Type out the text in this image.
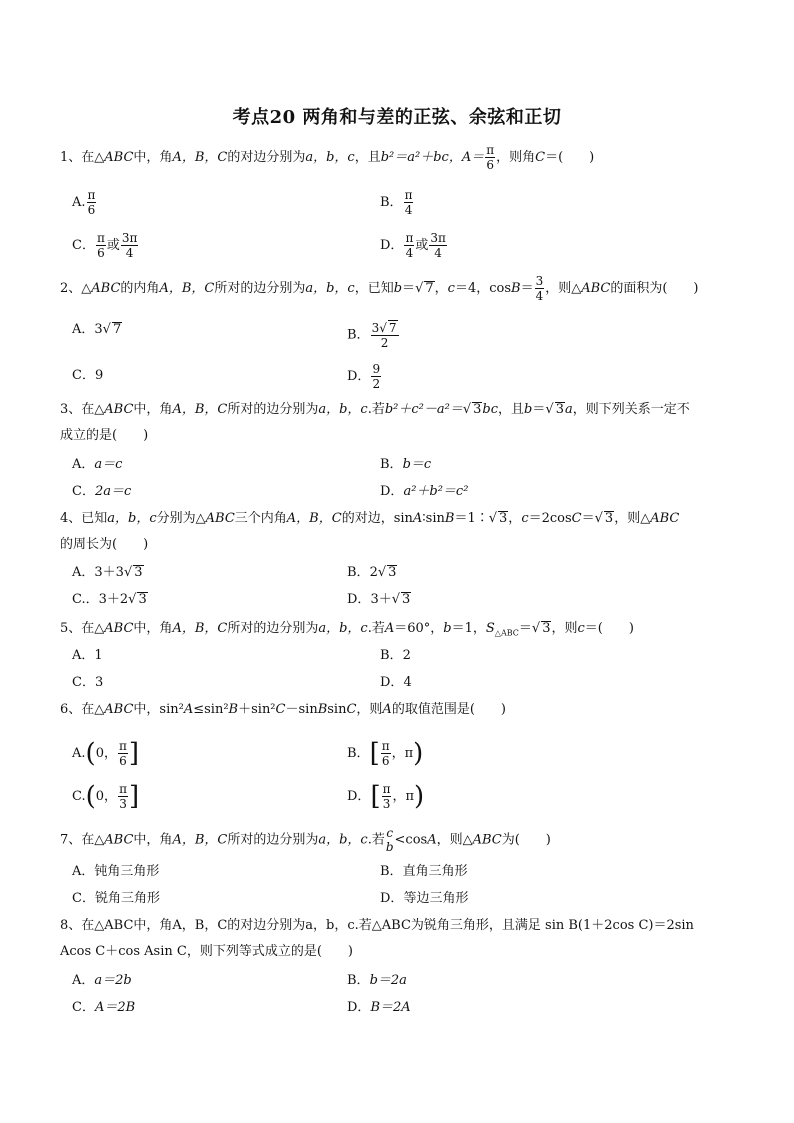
考点20 两角和与差的正弦、余弦和正切
1、在△ABC中，角A，B，C的对边分别为a，b，c，且b²＝a²＋bc，$A= \frac{\pi}{6}$ ，则角C＝(　　)
A. $\frac{\pi}{6}$	B． $\frac{\pi}{4}$
C． $\frac{\pi}{6}$ 或 $\frac{3\pi}{4}$	D． $\frac{\pi}{4}$ 或 $\frac{3\pi}{4}$
2、△ABC的内角A，B，C所对的边分别为a，b，c，已知b＝√ 7，c＝4，$\cos B= \frac{3}{4}$ ，则△ABC的面积为(　　)
A．3√ 7	B． $\frac{3√ 7}{2}$
C．9	D． $\frac{9}{2}$
3、在△ABC中，角A，B，C所对的边分别为a，b，c.若b²＋c²－a²＝√ 3bc，且b＝√ 3a，则下列关系一定不
成立的是(　　)
A．a＝c	B．b＝c
C．2a＝c	D．a²＋b²＝c²
4、已知a，b，c分别为△ABC三个内角A，B，C的对边，sinA∶sinB＝1∶√ 3，c＝2cosC＝√ 3，则△ABC
的周长为(　　)
A．3＋3√ 3	B．2√ 3
C.．3＋2√ 3	D．3＋√ 3
5、在△ABC中，角A，B，C所对的边分别为a，b，c.若A＝60°，b＝1，$S_{\triangle ABC}=√$ 3，则c＝(　　)
A．1	B．2
C．3	D．4
6、在△ABC中，sin²A≤sin²B＋sin²C－sinBsinC，则A的取值范围是(　　)
A.(0， $\frac{\pi}{6}$ ]	B．[ $\frac{\pi}{6}$ ，π)
C.(0， $\frac{\pi}{3}$ ]	D．[ $\frac{\pi}{3}$ ，π)
7、在△ABC中，角A，B，C所对的边分别为a，b，c.若 c
b <cosA，则△ABC为(　　)
A．钝角三角形	B．直角三角形
C．锐角三角形	D．等边三角形
8、在△ABC中，角A，B，C的对边分别为a，b，c.若△ABC为锐角三角形，且满足 sin B(1＋2cos C)＝2sin
Acos C＋cos Asin C，则下列等式成立的是(　　)
A．a＝2b	B．b＝2a
C．A＝2B	D．B＝2A
